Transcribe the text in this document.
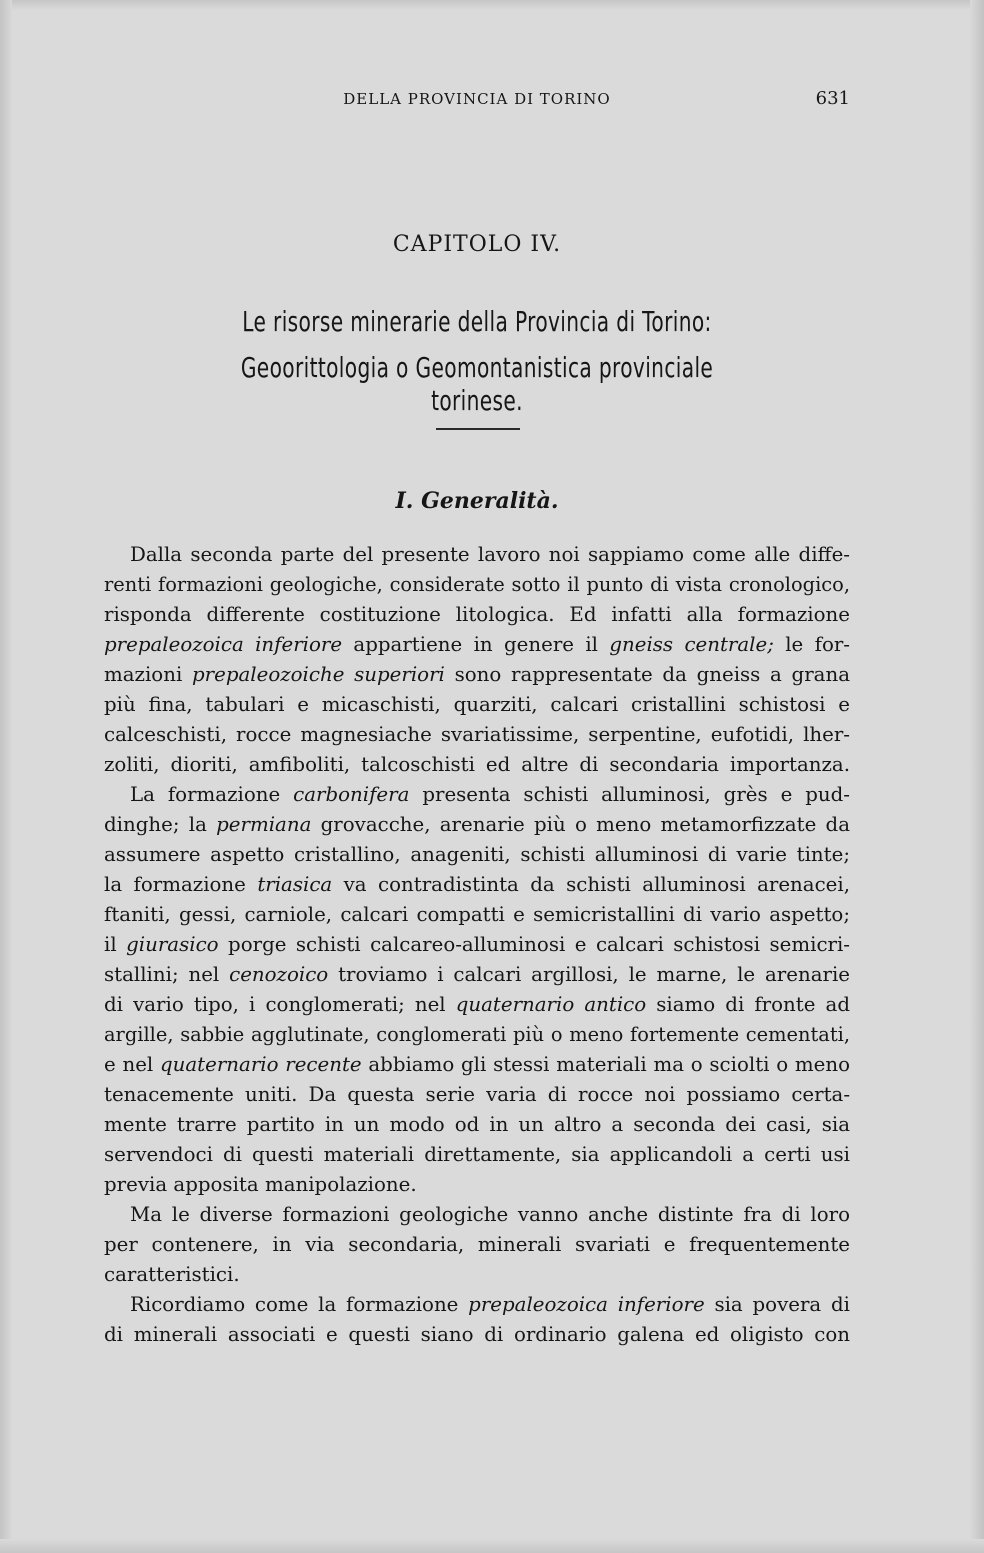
DELLA PROVINCIA DI TORINO	631
CAPITOLO IV.
Le risorse minerarie della Provincia di Torino:
Geoorittologia o Geomontanistica provinciale torinese.
I. Generalità.
Dalla seconda parte del presente lavoro noi sappiamo come alle diffe-
renti formazioni geologiche, considerate sotto il punto di vista cronologico,
risponda differente costituzione litologica. Ed infatti alla formazione
prepaleozoica inferiore appartiene in genere il gneiss centrale; le for-
mazioni prepaleozoiche superiori sono rappresentate da gneiss a grana
più fina, tabulari e micaschisti, quarziti, calcari cristallini schistosi e
calceschisti, rocce magnesiache svariatissime, serpentine, eufotidi, lher-
zoliti, dioriti, amfiboliti, talcoschisti ed altre di secondaria importanza.
La formazione carbonifera presenta schisti alluminosi, grès e pud-
dinghe; la permiana grovacche, arenarie più o meno metamorfizzate da
assumere aspetto cristallino, anageniti, schisti alluminosi di varie tinte;
la formazione triasica va contradistinta da schisti alluminosi arenacei,
ftaniti, gessi, carniole, calcari compatti e semicristallini di vario aspetto;
il giurasico porge schisti calcareo-alluminosi e calcari schistosi semicri-
stallini; nel cenozoico troviamo i calcari argillosi, le marne, le arenarie
di vario tipo, i conglomerati; nel quaternario antico siamo di fronte ad
argille, sabbie agglutinate, conglomerati più o meno fortemente cementati,
e nel quaternario recente abbiamo gli stessi materiali ma o sciolti o meno
tenacemente uniti. Da questa serie varia di rocce noi possiamo certa-
mente trarre partito in un modo od in un altro a seconda dei casi, sia
servendoci di questi materiali direttamente, sia applicandoli a certi usi
previa apposita manipolazione.
Ma le diverse formazioni geologiche vanno anche distinte fra di loro
per contenere, in via secondaria, minerali svariati e frequentemente
caratteristici.
Ricordiamo come la formazione prepaleozoica inferiore sia povera di
di minerali associati e questi siano di ordinario galena ed oligisto con
